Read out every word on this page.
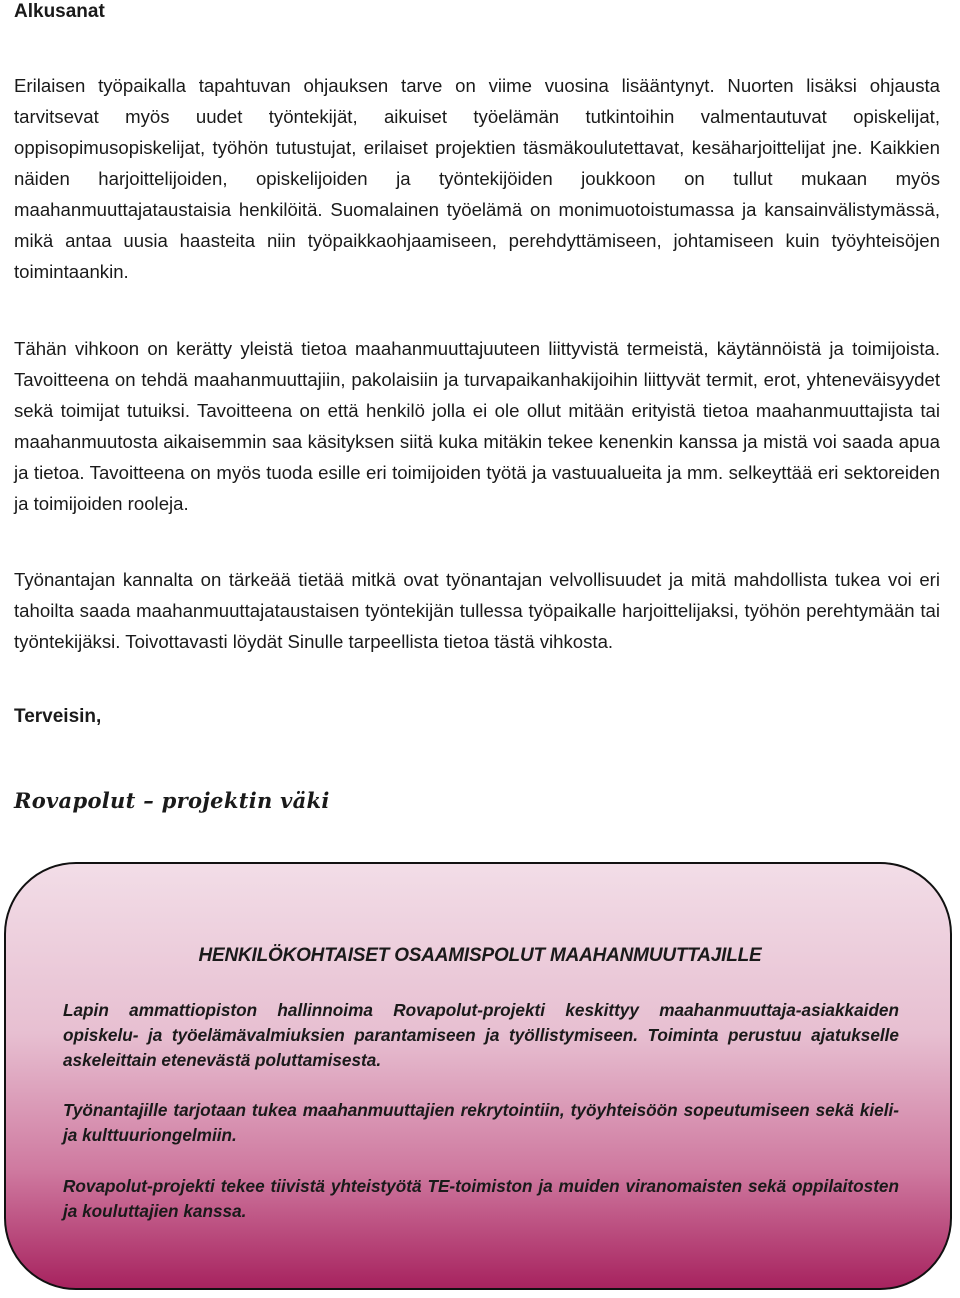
Alkusanat

Erilaisen työpaikalla tapahtuvan ohjauksen tarve on viime vuosina lisääntynyt. Nuorten lisäksi ohjausta tarvitsevat myös uudet työntekijät, aikuiset työelämän tutkintoihin valmentautuvat opiskelijat, oppisopimusopiskelijat, työhön tutustujat, erilaiset projektien täsmäkoulutettavat, kesäharjoittelijat jne. Kaikkien näiden harjoittelijoiden, opiskelijoiden ja työntekijöiden joukkoon on tullut mukaan myös maahanmuuttajataustaisia henkilöitä. Suomalainen työelämä on monimuotoistumassa ja kansainvälistymässä, mikä antaa uusia haasteita niin työpaikkaohjaamiseen, perehdyttämiseen, johtamiseen kuin työyhteisöjen toimintaankin.

Tähän vihkoon on kerätty yleistä tietoa maahanmuuttajuuteen liittyvistä termeistä, käytännöistä ja toimijoista. Tavoitteena on tehdä maahanmuuttajiin, pakolaisiin ja turvapaikanhakijoihin liittyvät termit, erot, yhteneväisyydet sekä toimijat tutuiksi. Tavoitteena on että henkilö jolla ei ole ollut mitään erityistä tietoa maahanmuuttajista tai maahanmuutosta aikaisemmin saa käsityksen siitä kuka mitäkin tekee kenenkin kanssa ja mistä voi saada apua ja tietoa. Tavoitteena on myös tuoda esille eri toimijoiden työtä ja vastuualueita ja mm. selkeyttää eri sektoreiden ja toimijoiden rooleja.

Työnantajan kannalta on tärkeää tietää mitkä ovat työnantajan velvollisuudet ja mitä mahdollista tukea voi eri tahoilta saada maahanmuuttajataustaisen työntekijän tullessa työpaikalle harjoittelijaksi, työhön perehtymään tai työntekijäksi. Toivottavasti löydät Sinulle tarpeellista tietoa tästä vihkosta.

Terveisin,

Rovapolut – projektin väki

HENKILÖKOHTAISET OSAAMISPOLUT MAAHANMUUTTAJILLE

Lapin ammattiopiston hallinnoima Rovapolut-projekti keskittyy maahanmuuttaja-asiakkaiden opiskelu- ja työelämävalmiuksien parantamiseen ja työllistymiseen. Toiminta perustuu ajatukselle askeleittain etenevästä poluttamisesta.

Työnantajille tarjotaan tukea maahanmuuttajien rekrytointiin, työyhteisöön sopeutumiseen sekä kieli- ja kulttuuriongelmiin.

Rovapolut-projekti tekee tiivistä yhteistyötä TE-toimiston ja muiden viranomaisten sekä oppilaitosten ja kouluttajien kanssa.
